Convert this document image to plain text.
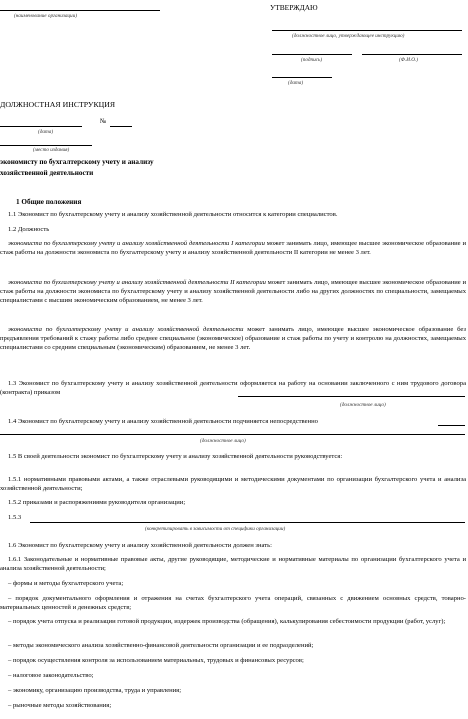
(наименование организации)
УТВЕРЖДАЮ
(должностное лицо, утверждающее инструкцию)
(подпись)	(Ф.И.О.)
(дата)
ДОЛЖНОСТНАЯ ИНСТРУКЦИЯ
№
(дата)
(место издания)
экономисту по бухгалтерскому учету и анализу
хозяйственной деятельности
1 Общие положения
1.1 Экономист по бухгалтерскому учету и анализу хозяйственной деятельности относится к категории специалистов.
1.2 Должность
экономиста по бухгалтерскому учету и анализу хозяйственной деятельности I категории может занимать лицо, имеющее высшее экономическое образование и стаж работы на должности экономиста по бухгалтерскому учету и анализу хозяйственной деятельности II категории не менее 3 лет.
экономиста по бухгалтерскому учету и анализу хозяйственной деятельности II категории может занимать лицо, имеющее высшее экономическое образование и стаж работы на должности экономиста по бухгалтерскому учету и анализу хозяйственной деятельности либо на других должностях по специальности, замещаемых специалистами с высшим экономическим образованием, не менее 3 лет.
экономиста по бухгалтерскому учету и анализу хозяйственной деятельности может занимать лицо, имеющее высшее экономическое образование без предъявления требований к стажу работы либо среднее специальное (экономическое) образование и стаж работы по учету и контролю на должностях, замещаемых специалистами со средним специальным (экономическим) образованием, не менее 3 лет.
1.3 Экономист по бухгалтерскому учету и анализу хозяйственной деятельности оформляется на работу на основании заключенного с ним трудового договора (контракта) приказом
(должностное лицо)
1.4 Экономист по бухгалтерскому учету и анализу хозяйственной деятельности подчиняется непосредственно
(должностное лицо)
1.5 В своей деятельности экономист по бухгалтерскому учету и анализу хозяйственной деятельности руководствуется:
1.5.1 нормативными правовыми актами, а также отраслевыми руководящими и методическими документами по организации бухгалтерского учета и анализа хозяйственной деятельности;
1.5.2 приказами и распоряжениями руководителя организации;
1.5.3
(конкретизировать в зависимости от специфики организации)
1.6 Экономист по бухгалтерскому учету и анализу хозяйственной деятельности должен знать:
1.6.1 Законодательные и нормативные правовые акты, другие руководящие, методические и нормативные материалы по организации бухгалтерского учета и анализа хозяйственной деятельности;
– формы и методы бухгалтерского учета;
– порядок документального оформления и отражения на счетах бухгалтерского учета операций, связанных с движением основных средств, товарно-материальных ценностей и денежных средств;
– порядок учета отпуска и реализации готовой продукции, издержек производства (обращения), калькулирования себестоимости продукции (работ, услуг);
– методы экономического анализа хозяйственно-финансовой деятельности организации и ее подразделений;
– порядок осуществления контроля за использованием материальных, трудовых и финансовых ресурсов;
– налоговое законодательство;
– экономику, организацию производства, труда и управления;
– рыночные методы хозяйствования;
